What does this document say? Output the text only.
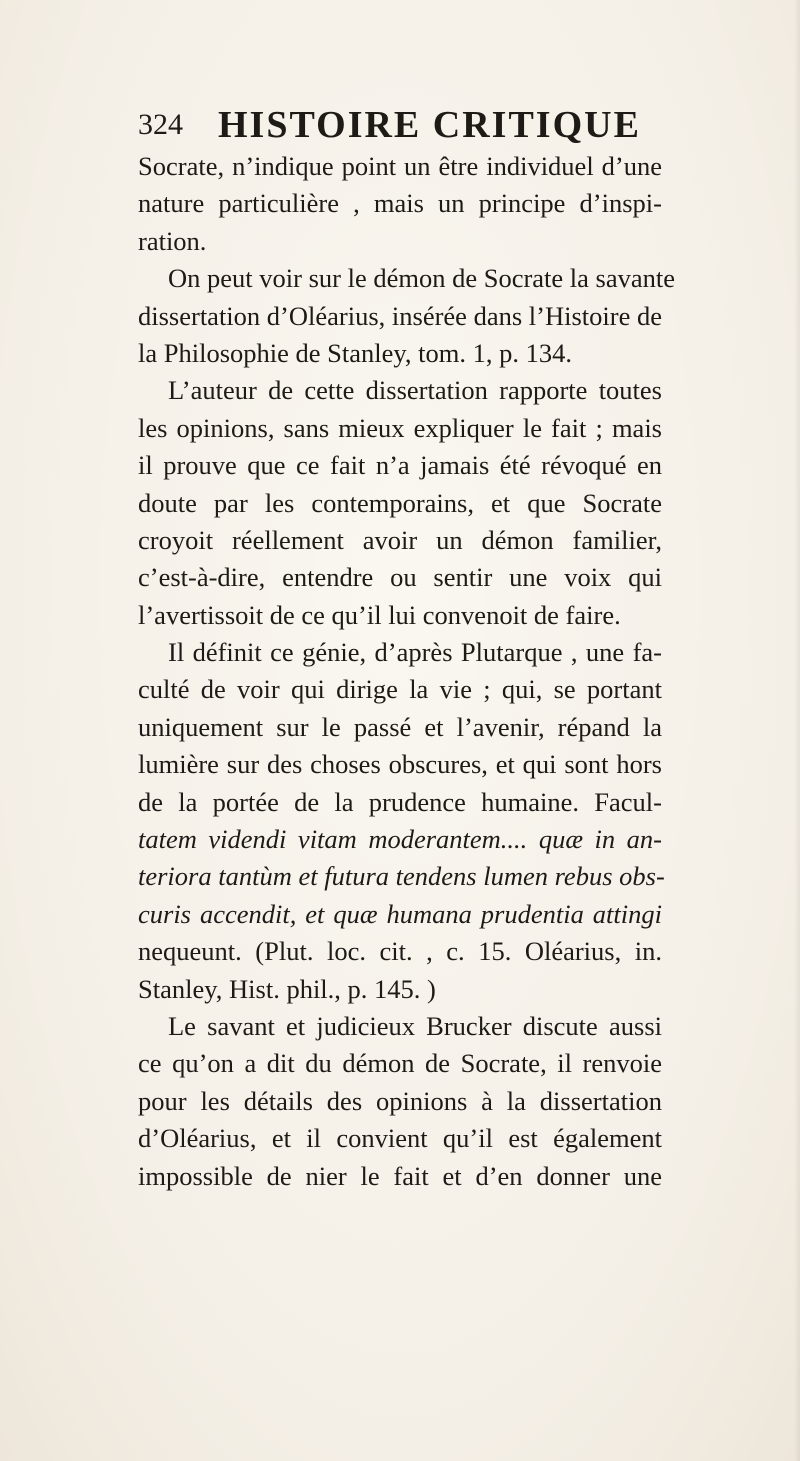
324 HISTOIRE CRITIQUE
Socrate, n’indique point un être individuel d’une
nature particulière , mais un principe d’inspi-
ration.
On peut voir sur le démon de Socrate la savante
dissertation d’Oléarius, insérée dans l’Histoire de
la Philosophie de Stanley, tom. 1, p. 134.
L’auteur de cette dissertation rapporte toutes
les opinions, sans mieux expliquer le fait ; mais
il prouve que ce fait n’a jamais été révoqué en
doute par les contemporains, et que Socrate
croyoit réellement avoir un démon familier,
c’est-à-dire, entendre ou sentir une voix qui
l’avertissoit de ce qu’il lui convenoit de faire.
Il définit ce génie, d’après Plutarque , une fa-
culté de voir qui dirige la vie ; qui, se portant
uniquement sur le passé et l’avenir, répand la
lumière sur des choses obscures, et qui sont hors
de la portée de la prudence humaine. Facul-
tatem videndi vitam moderantem.... quæ in an-
teriora tantùm et futura tendens lumen rebus obs-
curis accendit, et quæ humana prudentia attingi
nequeunt. (Plut. loc. cit. , c. 15. Oléarius, in.
Stanley, Hist. phil., p. 145. )
Le savant et judicieux Brucker discute aussi
ce qu’on a dit du démon de Socrate, il renvoie
pour les détails des opinions à la dissertation
d’Oléarius, et il convient qu’il est également
impossible de nier le fait et d’en donner une
